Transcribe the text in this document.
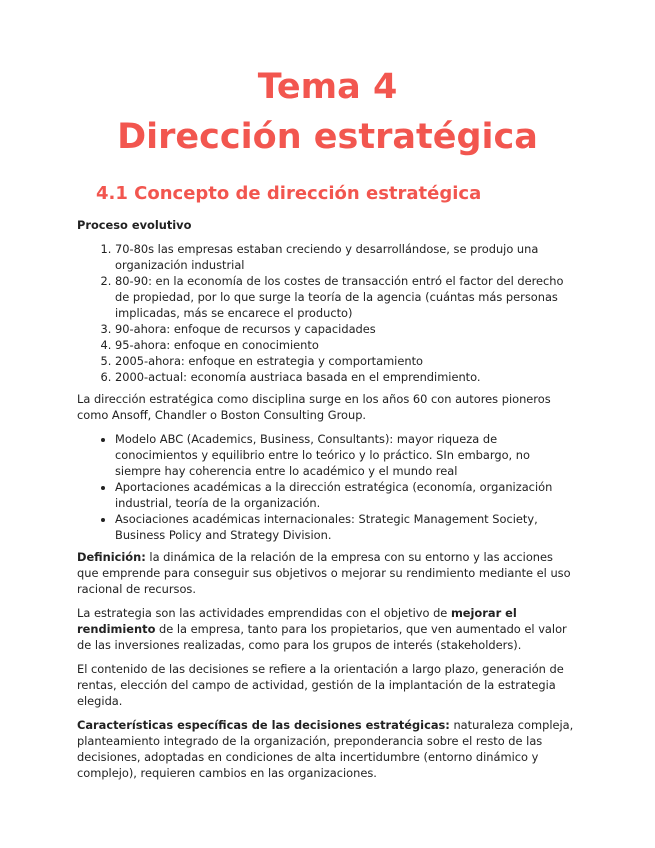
Tema 4
Dirección estratégica
4.1 Concepto de dirección estratégica

Proceso evolutivo

1. 70-80s las empresas estaban creciendo y desarrollándose, se produjo una organización industrial
2. 80-90: en la economía de los costes de transacción entró el factor del derecho de propiedad, por lo que surge la teoría de la agencia (cuántas más personas implicadas, más se encarece el producto)
3. 90-ahora: enfoque de recursos y capacidades
4. 95-ahora: enfoque en conocimiento
5. 2005-ahora: enfoque en estrategia y comportamiento
6. 2000-actual: economía austriaca basada en el emprendimiento.

La dirección estratégica como disciplina surge en los años 60 con autores pioneros como Ansoff, Chandler o Boston Consulting Group.

• Modelo ABC (Academics, Business, Consultants): mayor riqueza de conocimientos y equilibrio entre lo teórico y lo práctico. SIn embargo, no siempre hay coherencia entre lo académico y el mundo real
• Aportaciones académicas a la dirección estratégica (economía, organización industrial, teoría de la organización.
• Asociaciones académicas internacionales: Strategic Management Society, Business Policy and Strategy Division.

Definición: la dinámica de la relación de la empresa con su entorno y las acciones que emprende para conseguir sus objetivos o mejorar su rendimiento mediante el uso racional de recursos.

La estrategia son las actividades emprendidas con el objetivo de mejorar el rendimiento de la empresa, tanto para los propietarios, que ven aumentado el valor de las inversiones realizadas, como para los grupos de interés (stakeholders).

El contenido de las decisiones se refiere a la orientación a largo plazo, generación de rentas, elección del campo de actividad, gestión de la implantación de la estrategia elegida.

Características específicas de las decisiones estratégicas: naturaleza compleja, planteamiento integrado de la organización, preponderancia sobre el resto de las decisiones, adoptadas en condiciones de alta incertidumbre (entorno dinámico y complejo), requieren cambios en las organizaciones.
